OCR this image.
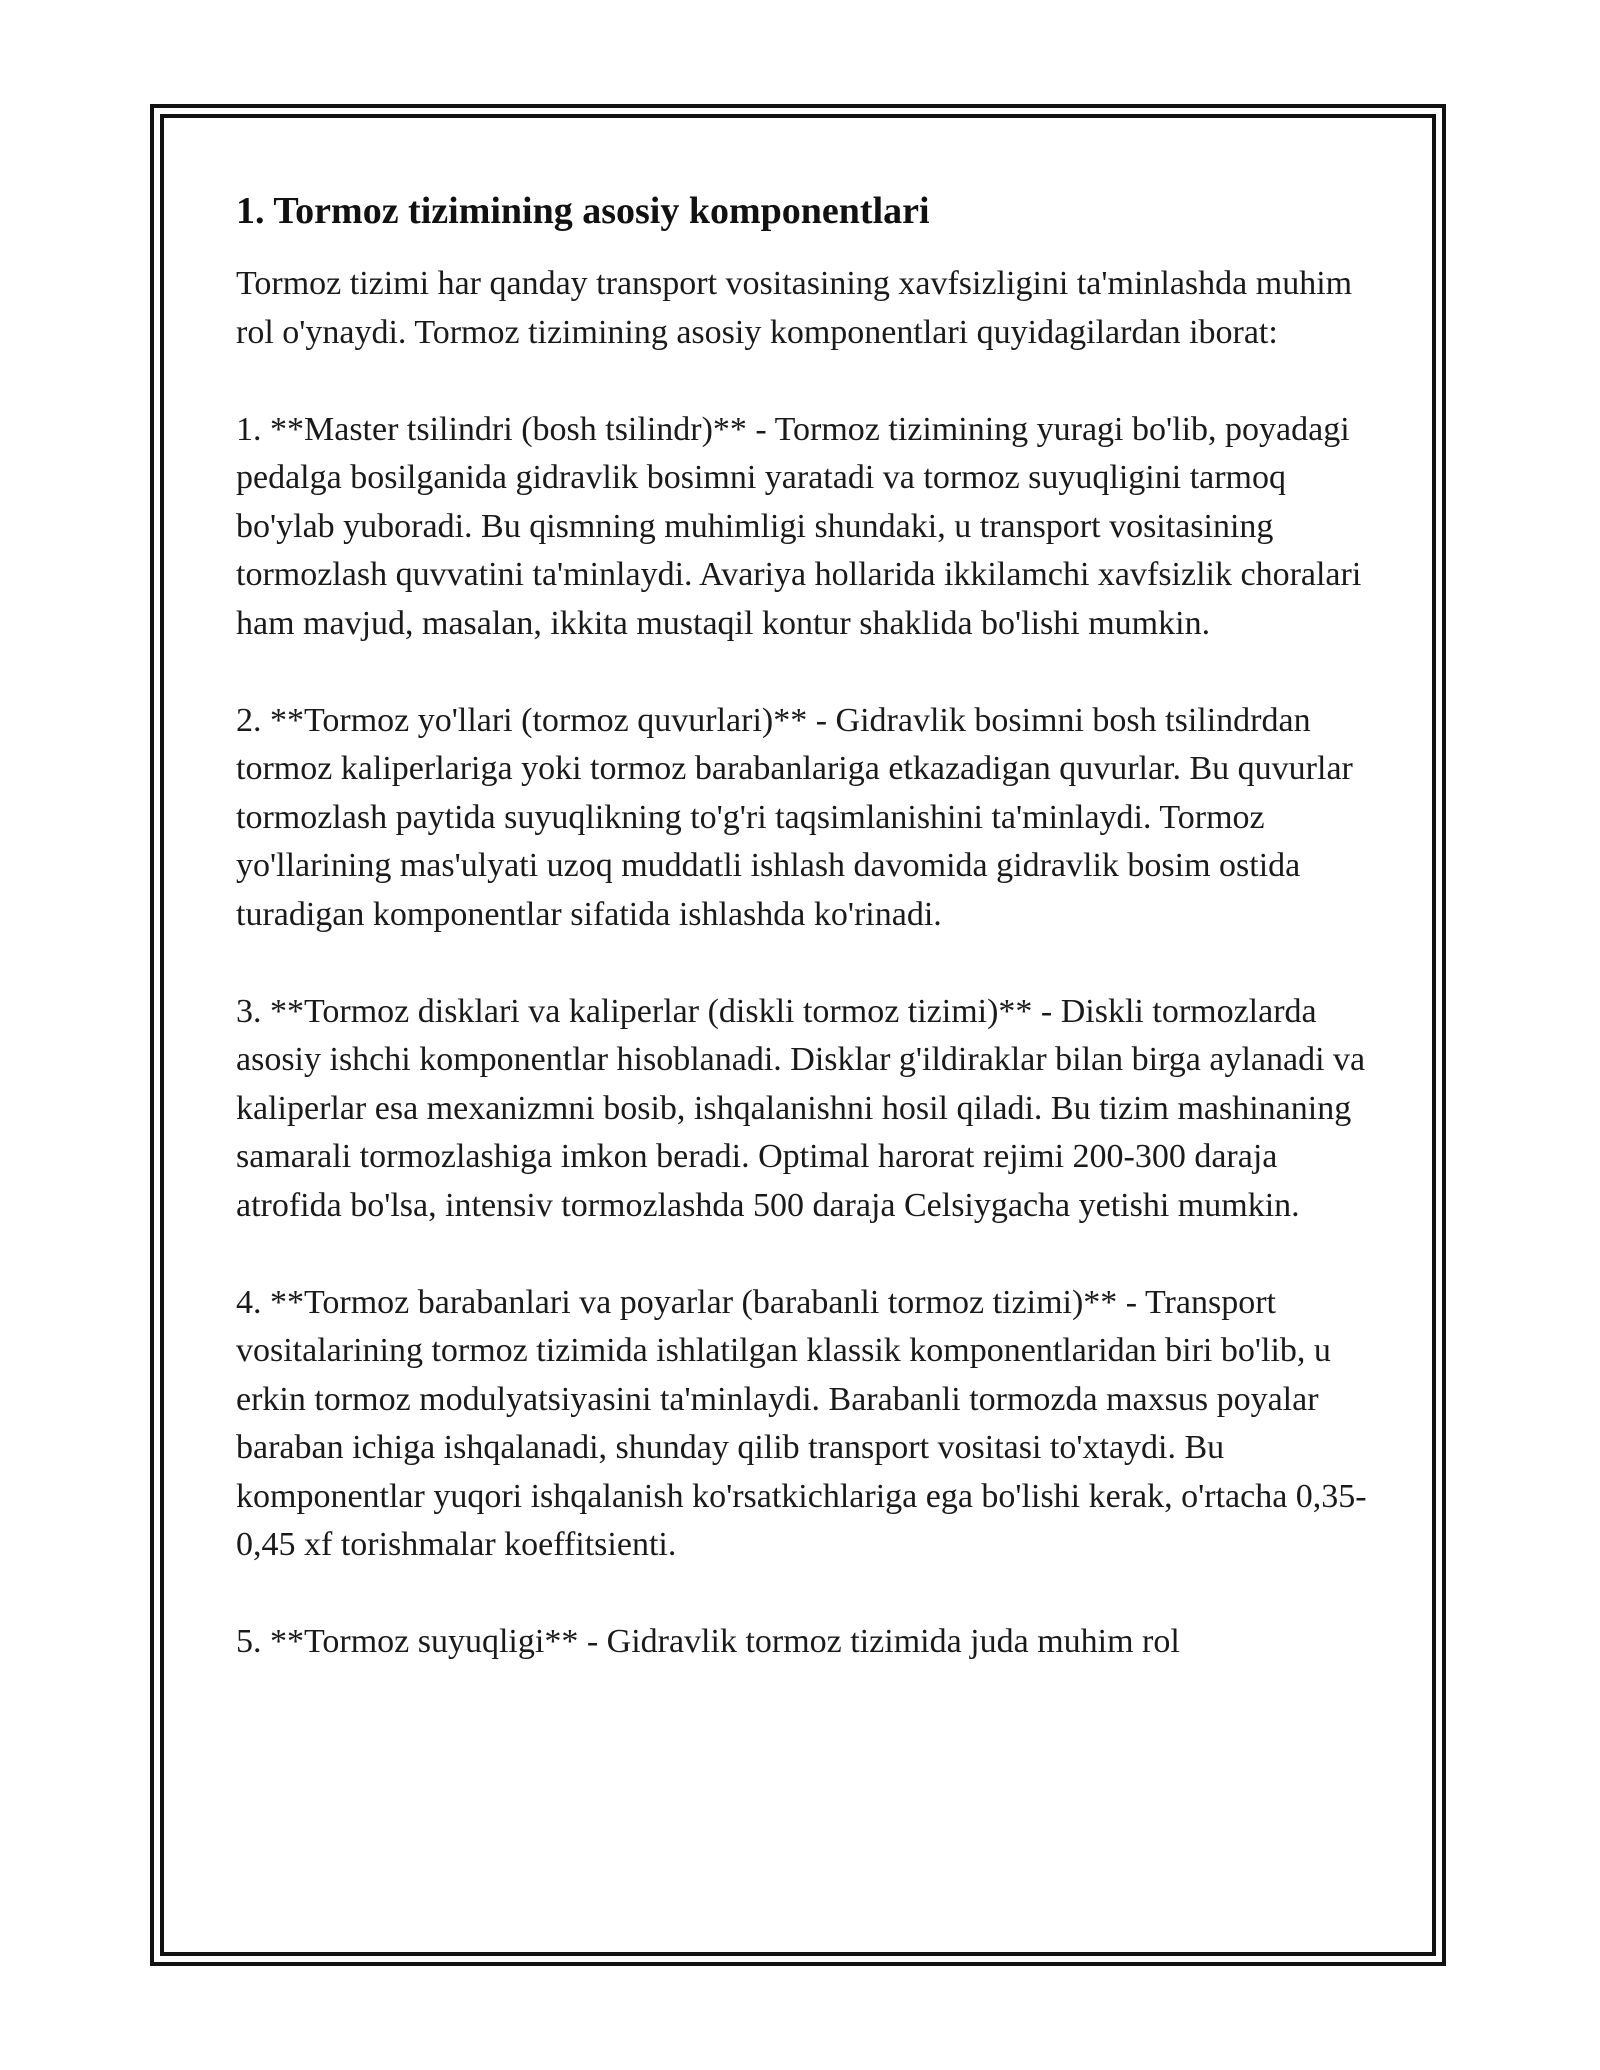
1. Tormoz tizimining asosiy komponentlari

Tormoz tizimi har qanday transport vositasining xavfsizligini ta'minlashda muhim rol o'ynaydi. Tormoz tizimining asosiy komponentlari quyidagilardan iborat:

1. **Master tsilindri (bosh tsilindr)** - Tormoz tizimining yuragi bo'lib, poyadagi pedalga bosilganida gidravlik bosimni yaratadi va tormoz suyuqligini tarmoq bo'ylab yuboradi. Bu qismning muhimligi shundaki, u transport vositasining tormozlash quvvatini ta'minlaydi. Avariya hollarida ikkilamchi xavfsizlik choralari ham mavjud, masalan, ikkita mustaqil kontur shaklida bo'lishi mumkin.

2. **Tormoz yo'llari (tormoz quvurlari)** - Gidravlik bosimni bosh tsilindrdan tormoz kaliperlariga yoki tormoz barabanlariga etkazadigan quvurlar. Bu quvurlar tormozlash paytida suyuqlikning to'g'ri taqsimlanishini ta'minlaydi. Tormoz yo'llarining mas'ulyati uzoq muddatli ishlash davomida gidravlik bosim ostida turadigan komponentlar sifatida ishlashda ko'rinadi.

3. **Tormoz disklari va kaliperlar (diskli tormoz tizimi)** - Diskli tormozlarda asosiy ishchi komponentlar hisoblanadi. Disklar g'ildiraklar bilan birga aylanadi va kaliperlar esa mexanizmni bosib, ishqalanishni hosil qiladi. Bu tizim mashinaning samarali tormozlashiga imkon beradi. Optimal harorat rejimi 200-300 daraja atrofida bo'lsa, intensiv tormozlashda 500 daraja Celsiygacha yetishi mumkin.

4. **Tormoz barabanlari va poyarlar (barabanli tormoz tizimi)** - Transport vositalarining tormoz tizimida ishlatilgan klassik komponentlaridan biri bo'lib, u erkin tormoz modulyatsiyasini ta'minlaydi. Barabanli tormozda maxsus poyalar baraban ichiga ishqalanadi, shunday qilib transport vositasi to'xtaydi. Bu komponentlar yuqori ishqalanish ko'rsatkichlariga ega bo'lishi kerak, o'rtacha 0,35-0,45 xf torishmalar koeffitsienti.

5. **Tormoz suyuqligi** - Gidravlik tormoz tizimida juda muhim rol
